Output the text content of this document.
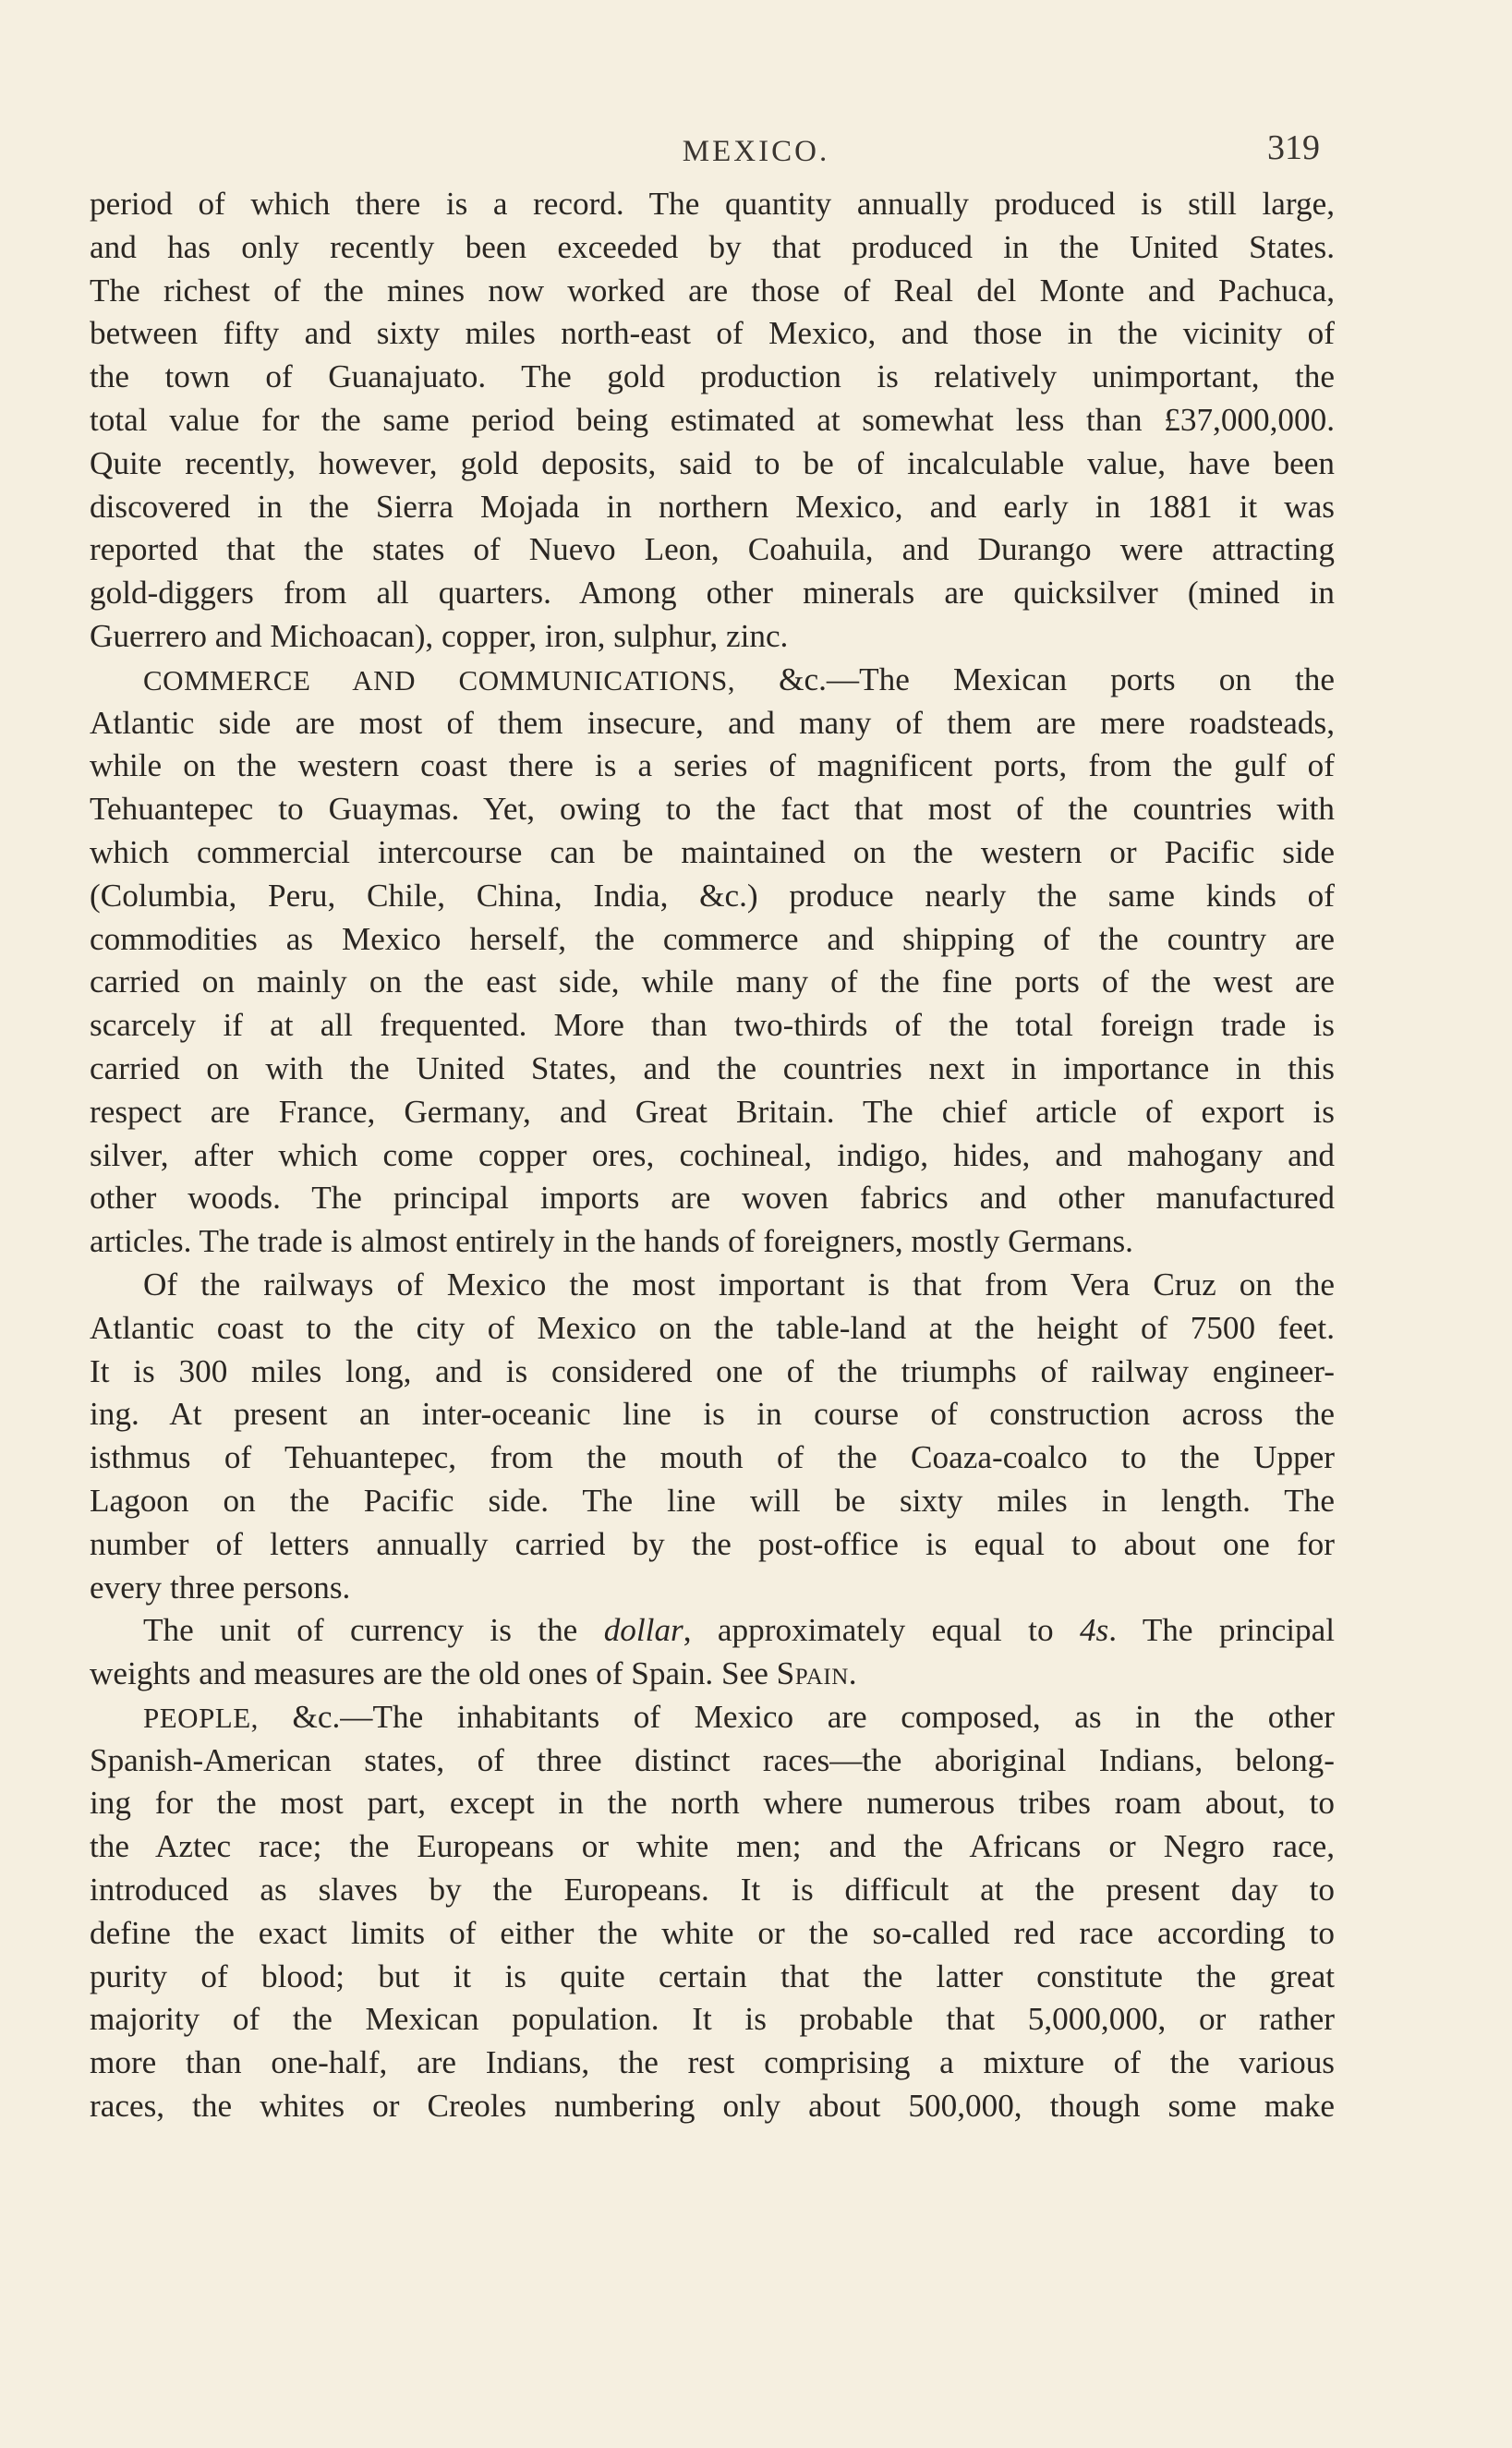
MEXICO.	319
period of which there is a record. The quantity annually produced is still large,
and has only recently been exceeded by that produced in the United States.
The richest of the mines now worked are those of Real del Monte and Pachuca,
between fifty and sixty miles north-east of Mexico, and those in the vicinity of
the town of Guanajuato. The gold production is relatively unimportant, the
total value for the same period being estimated at somewhat less than £37,000,000.
Quite recently, however, gold deposits, said to be of incalculable value, have been
discovered in the Sierra Mojada in northern Mexico, and early in 1881 it was
reported that the states of Nuevo Leon, Coahuila, and Durango were attracting
gold-diggers from all quarters. Among other minerals are quicksilver (mined in
Guerrero and Michoacan), copper, iron, sulphur, zinc.
COMMERCE AND COMMUNICATIONS, &c.—The Mexican ports on the
Atlantic side are most of them insecure, and many of them are mere roadsteads,
while on the western coast there is a series of magnificent ports, from the gulf of
Tehuantepec to Guaymas. Yet, owing to the fact that most of the countries with
which commercial intercourse can be maintained on the western or Pacific side
(Columbia, Peru, Chile, China, India, &c.) produce nearly the same kinds of
commodities as Mexico herself, the commerce and shipping of the country are
carried on mainly on the east side, while many of the fine ports of the west are
scarcely if at all frequented. More than two-thirds of the total foreign trade is
carried on with the United States, and the countries next in importance in this
respect are France, Germany, and Great Britain. The chief article of export is
silver, after which come copper ores, cochineal, indigo, hides, and mahogany and
other woods. The principal imports are woven fabrics and other manufactured
articles. The trade is almost entirely in the hands of foreigners, mostly Germans.
Of the railways of Mexico the most important is that from Vera Cruz on the
Atlantic coast to the city of Mexico on the table-land at the height of 7500 feet.
It is 300 miles long, and is considered one of the triumphs of railway engineer-
ing. At present an inter-oceanic line is in course of construction across the
isthmus of Tehuantepec, from the mouth of the Coaza-coalco to the Upper
Lagoon on the Pacific side. The line will be sixty miles in length. The
number of letters annually carried by the post-office is equal to about one for
every three persons.
The unit of currency is the dollar, approximately equal to 4s. The principal
weights and measures are the old ones of Spain. See Spain.
PEOPLE, &c.—The inhabitants of Mexico are composed, as in the other
Spanish-American states, of three distinct races—the aboriginal Indians, belong-
ing for the most part, except in the north where numerous tribes roam about, to
the Aztec race; the Europeans or white men; and the Africans or Negro race,
introduced as slaves by the Europeans. It is difficult at the present day to
define the exact limits of either the white or the so-called red race according to
purity of blood; but it is quite certain that the latter constitute the great
majority of the Mexican population. It is probable that 5,000,000, or rather
more than one-half, are Indians, the rest comprising a mixture of the various
races, the whites or Creoles numbering only about 500,000, though some make
